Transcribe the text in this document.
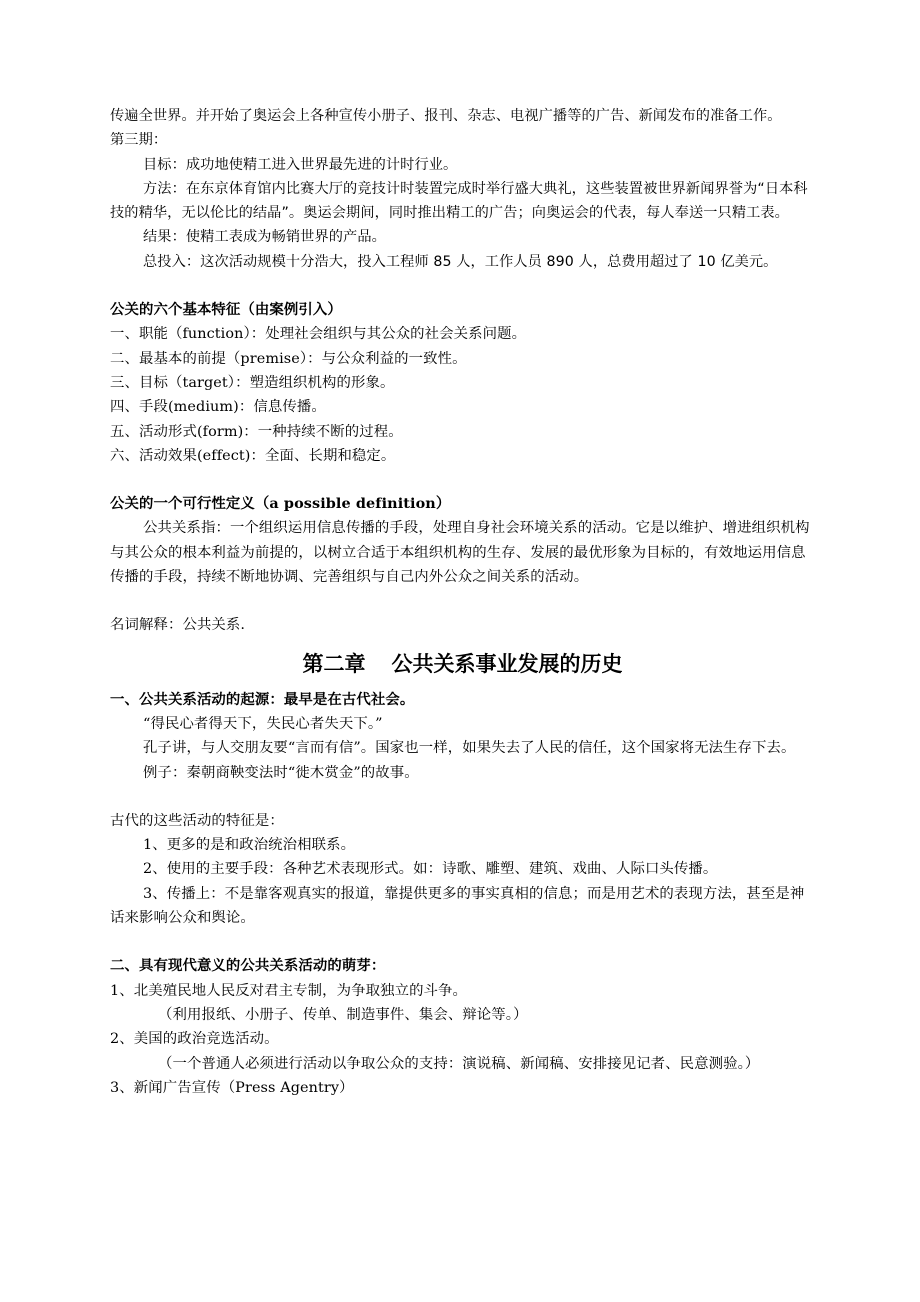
传遍全世界。并开始了奥运会上各种宣传小册子、报刊、杂志、电视广播等的广告、新闻发布的准备工作。

第三期：

目标：成功地使精工进入世界最先进的计时行业。

方法：在东京体育馆内比赛大厅的竞技计时装置完成时举行盛大典礼，这些装置被世界新闻界誉为“日本科技的精华，无以伦比的结晶”。奥运会期间，同时推出精工的广告；向奥运会的代表，每人奉送一只精工表。

结果：使精工表成为畅销世界的产品。

总投入：这次活动规模十分浩大，投入工程师 85 人，工作人员 890 人，总费用超过了 10 亿美元。

公关的六个基本特征（由案例引入）

一、职能（function）：处理社会组织与其公众的社会关系问题。

二、最基本的前提（premise）：与公众利益的一致性。

三、目标（target）：塑造组织机构的形象。

四、手段(medium)：信息传播。

五、活动形式(form)：一种持续不断的过程。

六、活动效果(effect)：全面、长期和稳定。

公关的一个可行性定义（a possible definition）

公共关系指：一个组织运用信息传播的手段，处理自身社会环境关系的活动。它是以维护、增进组织机构与其公众的根本利益为前提的，以树立合适于本组织机构的生存、发展的最优形象为目标的，有效地运用信息传播的手段，持续不断地协调、完善组织与自己内外公众之间关系的活动。

名词解释：公共关系.

第二章 公共关系事业发展的历史

一、公共关系活动的起源：最早是在古代社会。

“得民心者得天下，失民心者失天下。”

孔子讲，与人交朋友要“言而有信”。国家也一样，如果失去了人民的信任，这个国家将无法生存下去。

例子：秦朝商鞅变法时“徙木赏金”的故事。

古代的这些活动的特征是：

1、更多的是和政治统治相联系。

2、使用的主要手段：各种艺术表现形式。如：诗歌、雕塑、建筑、戏曲、人际口头传播。

3、传播上：不是靠客观真实的报道，靠提供更多的事实真相的信息；而是用艺术的表现方法，甚至是神话来影响公众和舆论。

二、具有现代意义的公共关系活动的萌芽：

1、北美殖民地人民反对君主专制，为争取独立的斗争。

（利用报纸、小册子、传单、制造事件、集会、辩论等。）

2、美国的政治竞选活动。

（一个普通人必须进行活动以争取公众的支持：演说稿、新闻稿、安排接见记者、民意测验。）

3、新闻广告宣传（Press Agentry）
